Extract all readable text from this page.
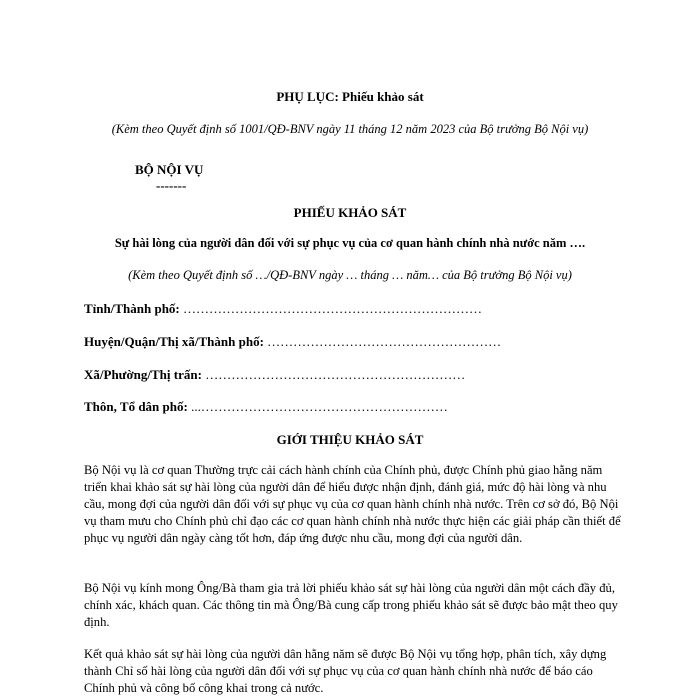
PHỤ LỤC: Phiếu khảo sát
(Kèm theo Quyết định số 1001/QĐ-BNV ngày 11 tháng 12 năm 2023 của Bộ trưởng Bộ Nội vụ)
BỘ NỘI VỤ
-------
PHIẾU KHẢO SÁT
Sự hài lòng của người dân đối với sự phục vụ của cơ quan hành chính nhà nước năm ….
(Kèm theo Quyết định số …/QĐ-BNV ngày … tháng … năm… của Bộ trưởng Bộ Nội vụ)
Tỉnh/Thành phố: ……………………………………………………………
Huyện/Quận/Thị xã/Thành phố: ………………………………………………
Xã/Phường/Thị trấn: ……………………………………………………
Thôn, Tổ dân phố: ...…………………………………………………
GIỚI THIỆU KHẢO SÁT

Bộ Nội vụ là cơ quan Thường trực cải cách hành chính của Chính phủ, được Chính phủ giao hằng năm triển khai khảo sát sự hài lòng của người dân để hiểu được nhận định, đánh giá, mức độ hài lòng và nhu cầu, mong đợi của người dân đối với sự phục vụ của cơ quan hành chính nhà nước. Trên cơ sở đó, Bộ Nội vụ tham mưu cho Chính phủ chỉ đạo các cơ quan hành chính nhà nước thực hiện các giải pháp cần thiết để phục vụ người dân ngày càng tốt hơn, đáp ứng được nhu cầu, mong đợi của người dân.

Bộ Nội vụ kính mong Ông/Bà tham gia trả lời phiếu khảo sát sự hài lòng của người dân một cách đầy đủ, chính xác, khách quan. Các thông tin mà Ông/Bà cung cấp trong phiếu khảo sát sẽ được bảo mật theo quy định.

Kết quả khảo sát sự hài lòng của người dân hằng năm sẽ được Bộ Nội vụ tổng hợp, phân tích, xây dựng thành Chỉ số hài lòng của người dân đối với sự phục vụ của cơ quan hành chính nhà nước để báo cáo Chính phủ và công bố công khai trong cả nước.
